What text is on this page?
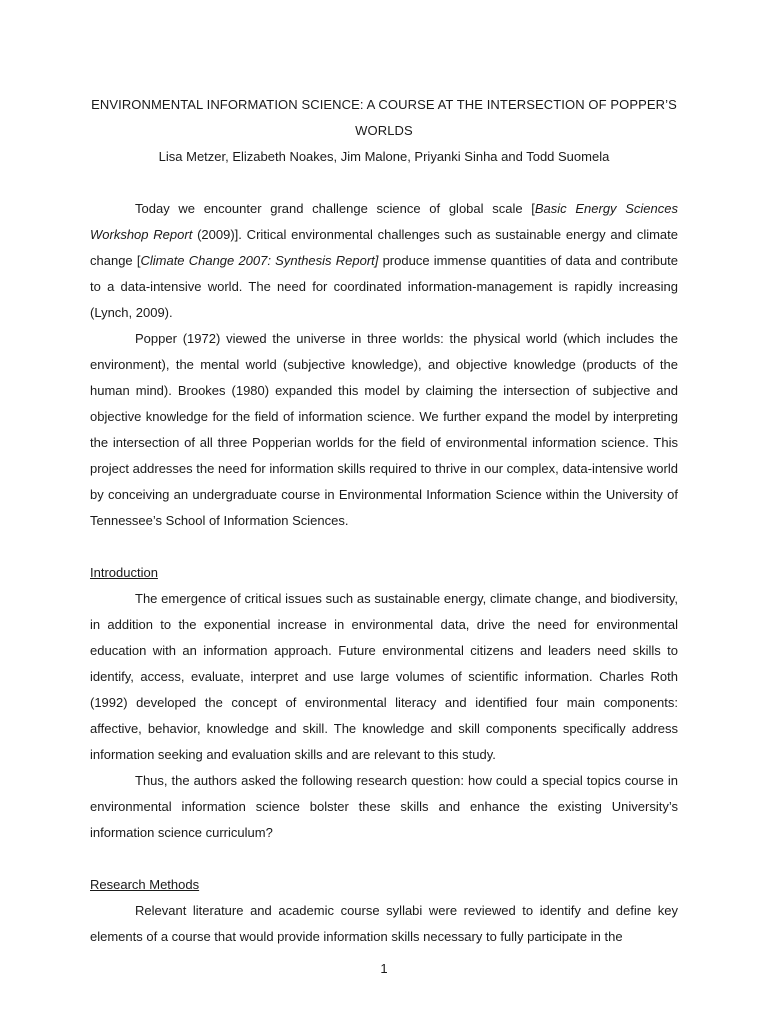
ENVIRONMENTAL INFORMATION SCIENCE: A COURSE AT THE INTERSECTION OF POPPER’S WORLDS
Lisa Metzer, Elizabeth Noakes, Jim Malone, Priyanki Sinha and Todd Suomela

Today we encounter grand challenge science of global scale [Basic Energy Sciences Workshop Report (2009)]. Critical environmental challenges such as sustainable energy and climate change [Climate Change 2007: Synthesis Report] produce immense quantities of data and contribute to a data-intensive world. The need for coordinated information-management is rapidly increasing (Lynch, 2009).

Popper (1972) viewed the universe in three worlds: the physical world (which includes the environment), the mental world (subjective knowledge), and objective knowledge (products of the human mind). Brookes (1980) expanded this model by claiming the intersection of subjective and objective knowledge for the field of information science. We further expand the model by interpreting the intersection of all three Popperian worlds for the field of environmental information science. This project addresses the need for information skills required to thrive in our complex, data-intensive world by conceiving an undergraduate course in Environmental Information Science within the University of Tennessee’s School of Information Sciences.

Introduction

The emergence of critical issues such as sustainable energy, climate change, and biodiversity, in addition to the exponential increase in environmental data, drive the need for environmental education with an information approach. Future environmental citizens and leaders need skills to identify, access, evaluate, interpret and use large volumes of scientific information. Charles Roth (1992) developed the concept of environmental literacy and identified four main components: affective, behavior, knowledge and skill. The knowledge and skill components specifically address information seeking and evaluation skills and are relevant to this study.

Thus, the authors asked the following research question: how could a special topics course in environmental information science bolster these skills and enhance the existing University’s information science curriculum?

Research Methods

Relevant literature and academic course syllabi were reviewed to identify and define key elements of a course that would provide information skills necessary to fully participate in the

1
